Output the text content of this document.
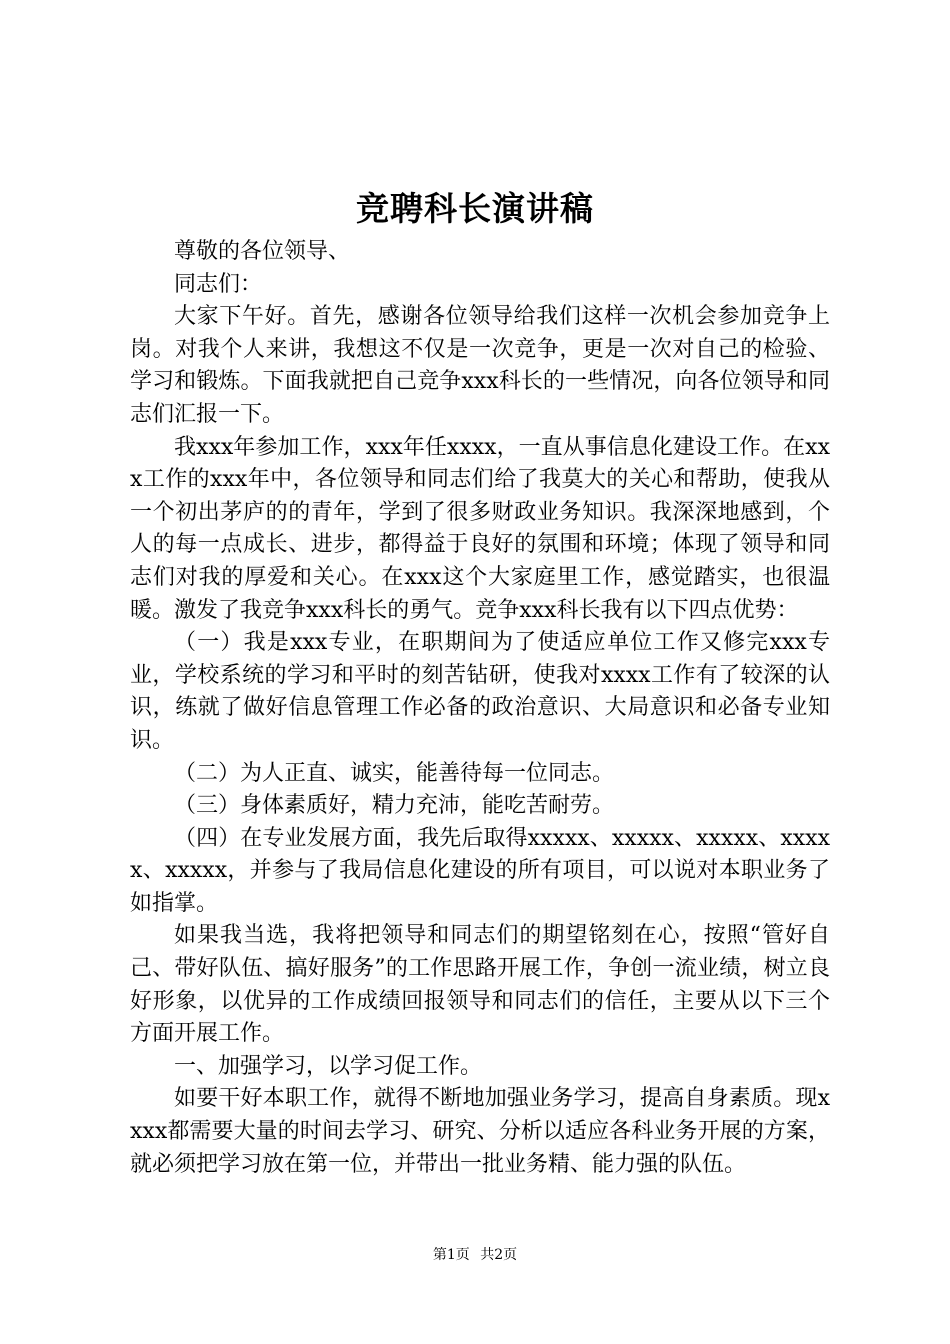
竞聘科长演讲稿

尊敬的各位领导、

同志们：

大家下午好。首先，感谢各位领导给我们这样一次机会参加竞争上岗。对我个人来讲，我想这不仅是一次竞争，更是一次对自己的检验、学习和锻炼。下面我就把自己竞争xxx科长的一些情况，向各位领导和同志们汇报一下。

我xxx年参加工作，xxx年任xxxx，一直从事信息化建设工作。在xxx工作的xxx年中，各位领导和同志们给了我莫大的关心和帮助，使我从一个初出茅庐的的青年，学到了很多财政业务知识。我深深地感到，个人的每一点成长、进步，都得益于良好的氛围和环境；体现了领导和同志们对我的厚爱和关心。在xxx这个大家庭里工作，感觉踏实，也很温暖。激发了我竞争xxx科长的勇气。竞争xxx科长我有以下四点优势：

（一）我是xxx专业，在职期间为了使适应单位工作又修完xxx专业，学校系统的学习和平时的刻苦钻研，使我对xxxx工作有了较深的认识，练就了做好信息管理工作必备的政治意识、大局意识和必备专业知识。

（二）为人正直、诚实，能善待每一位同志。

（三）身体素质好，精力充沛，能吃苦耐劳。

（四）在专业发展方面，我先后取得xxxxx、xxxxx、xxxxx、xxxxx、xxxxx，并参与了我局信息化建设的所有项目，可以说对本职业务了如指掌。

如果我当选，我将把领导和同志们的期望铭刻在心，按照“管好自己、带好队伍、搞好服务”的工作思路开展工作，争创一流业绩，树立良好形象，以优异的工作成绩回报领导和同志们的信任，主要从以下三个方面开展工作。

一、加强学习，以学习促工作。

如要干好本职工作，就得不断地加强业务学习，提高自身素质。现xxxx都需要大量的时间去学习、研究、分析以适应各科业务开展的方案，就必须把学习放在第一位，并带出一批业务精、能力强的队伍。

第1页 共2页
